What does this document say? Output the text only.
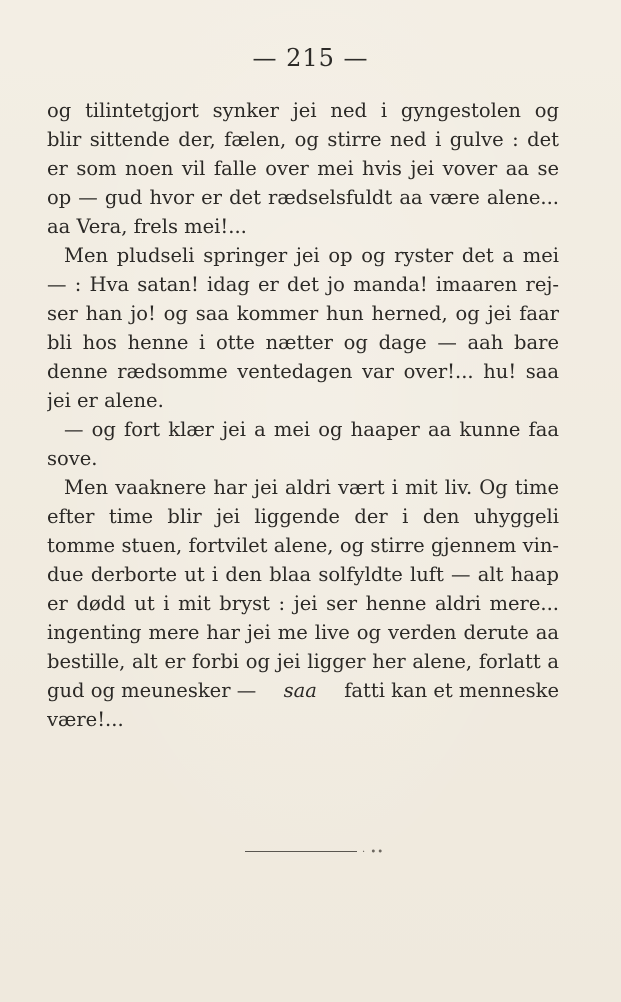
— 215 —
og tilintetgjort synker jei ned i gyngestolen og
blir sittende der, fælen, og stirre ned i gulve : det
er som noen vil falle over mei hvis jei vover aa se
op — gud hvor er det rædselsfuldt aa være alene...
aa Vera, frels mei!...
Men pludseli springer jei op og ryster det a mei
— : Hva satan! idag er det jo manda! imaaren rej-
ser han jo! og saa kommer hun herned, og jei faar
bli hos henne i otte nætter og dage — aah bare
denne rædsomme ventedagen var over!... hu! saa
jei er alene.
— og fort klær jei a mei og haaper aa kunne faa
sove.
Men vaaknere har jei aldri vært i mit liv. Og time
efter time blir jei liggende der i den uhyggeli
tomme stuen, fortvilet alene, og stirre gjennem vin-
due derborte ut i den blaa solfyldte luft — alt haap
er dødd ut i mit bryst : jei ser henne aldri mere...
ingenting mere har jei me live og verden derute aa
bestille, alt er forbi og jei ligger her alene, forlatt a
gud og meunesker — saa fatti kan et menneske
være!...
· ••
